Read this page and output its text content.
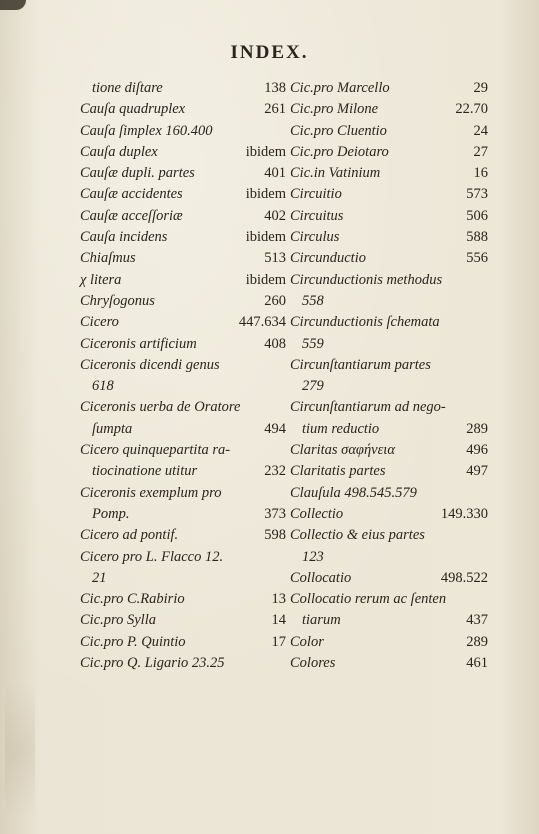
INDEX.
tione diſtare	138
Cauſa quadruplex	261
Cauſa ſimplex 160.400
Cauſa duplex	ibidem
Cauſæ dupli. partes	401
Cauſæ accidentes	ibidem
Cauſæ acceſſoriæ	402
Cauſa incidens	ibidem
Chiaſmus	513
χ litera	ibidem
Chryſogonus	260
Cicero	447.634
Ciceronis artificium	408
Ciceronis dicendi genus
618
Ciceronis uerba de Oratore
ſumpta	494
Cicero quinquepartita ra-
tiocinatione utitur	232
Ciceronis exemplum pro
Pomp.	373
Cicero ad pontif.	598
Cicero pro L. Flacco 12.
21
Cic.pro C.Rabirio	13
Cic.pro Sylla	14
Cic.pro P. Quintio	17
Cic.pro Q. Ligario 23.25
Cic.pro Marcello	29
Cic.pro Milone	22.70
Cic.pro Cluentio	24
Cic.pro Deiotaro	27
Cic.in Vatinium	16
Circuitio	573
Circuitus	506
Circulus	588
Circunductio	556
Circunductionis methodus
558
Circunductionis ſchemata
559
Circunſtantiarum partes
279
Circunſtantiarum ad nego-
tium reductio	289
Claritas σαφήνεια	496
Claritatis partes	497
Clauſula 498.545.579
Collectio	149.330
Collectio & eius partes
123
Collocatio	498.522
Collocatio rerum ac ſenten
tiarum	437
Color	289
Colores	461
